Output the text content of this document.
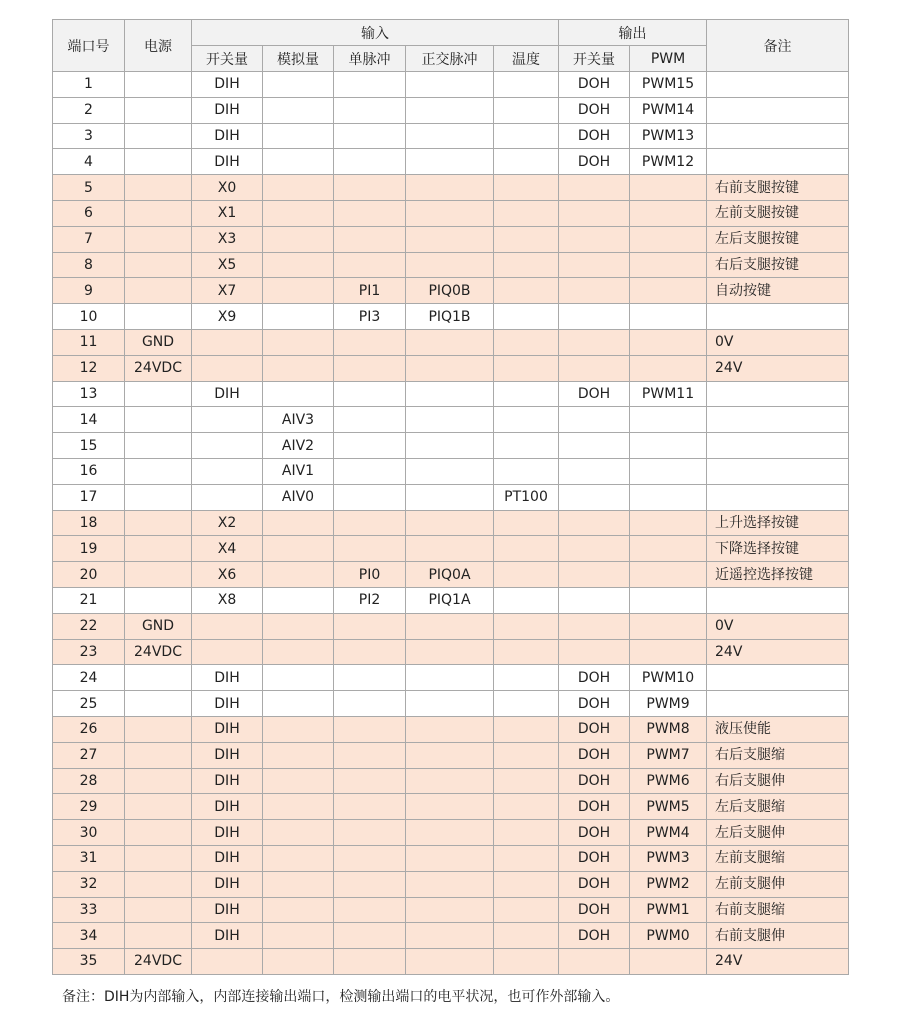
端口号	电源	输入					输出		备注
		开关量	模拟量	单脉冲	正交脉冲	温度	开关量	PWM	
1		DIH					DOH	PWM15	
2		DIH					DOH	PWM14	
3		DIH					DOH	PWM13	
4		DIH					DOH	PWM12	
5		X0							右前支腿按键
6		X1							左前支腿按键
7		X3							左后支腿按键
8		X5							右后支腿按键
9		X7		PI1	PIQ0B				自动按键
10		X9		PI3	PIQ1B				
11	GND								0V
12	24VDC								24V
13		DIH					DOH	PWM11	
14			AIV3						
15			AIV2						
16			AIV1						
17			AIV0			PT100			
18		X2							上升选择按键
19		X4							下降选择按键
20		X6		PI0	PIQ0A				近遥控选择按键
21		X8		PI2	PIQ1A				
22	GND								0V
23	24VDC								24V
24		DIH					DOH	PWM10	
25		DIH					DOH	PWM9	
26		DIH					DOH	PWM8	液压使能
27		DIH					DOH	PWM7	右后支腿缩
28		DIH					DOH	PWM6	右后支腿伸
29		DIH					DOH	PWM5	左后支腿缩
30		DIH					DOH	PWM4	左后支腿伸
31		DIH					DOH	PWM3	左前支腿缩
32		DIH					DOH	PWM2	左前支腿伸
33		DIH					DOH	PWM1	右前支腿缩
34		DIH					DOH	PWM0	右前支腿伸
35	24VDC								24V
备注：DIH为内部输入，内部连接输出端口，检测输出端口的电平状况，也可作外部输入。
